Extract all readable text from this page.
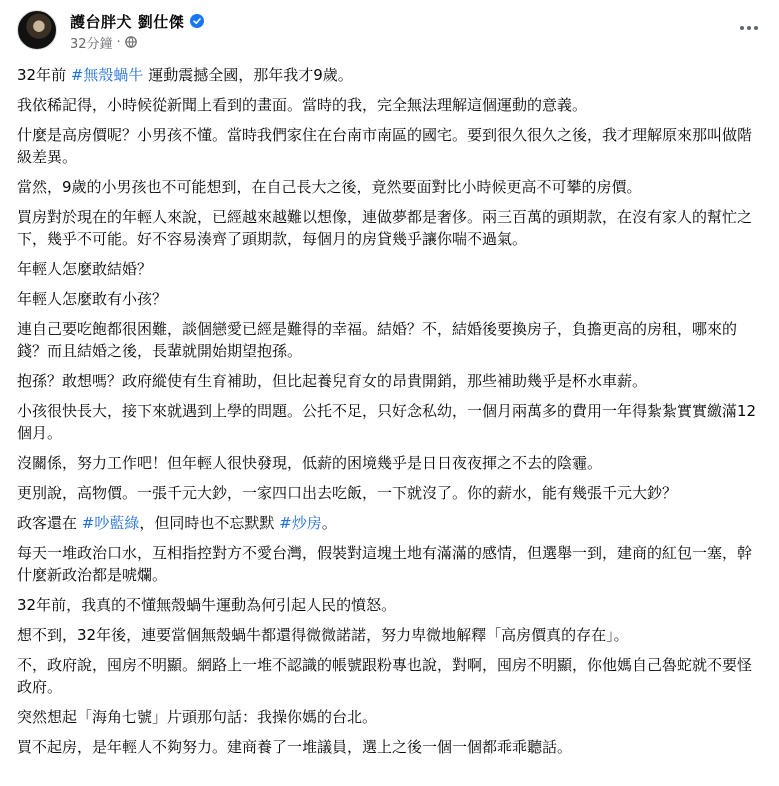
護台胖犬 劉仕傑
32分鐘 ·
32年前 #無殼蝸牛 運動震撼全國，那年我才9歲。
我依稀記得，小時候從新聞上看到的畫面。當時的我，完全無法理解這個運動的意義。
什麼是高房價呢？小男孩不懂。當時我們家住在台南市南區的國宅。要到很久很久之後，我才理解原來那叫做階級差異。
當然，9歲的小男孩也不可能想到，在自己長大之後，竟然要面對比小時候更高不可攀的房價。
買房對於現在的年輕人來說，已經越來越難以想像，連做夢都是奢侈。兩三百萬的頭期款，在沒有家人的幫忙之下，幾乎不可能。好不容易湊齊了頭期款，每個月的房貸幾乎讓你喘不過氣。
年輕人怎麼敢結婚？
年輕人怎麼敢有小孩？
連自己要吃飽都很困難，談個戀愛已經是難得的幸福。結婚？不，結婚後要換房子，負擔更高的房租，哪來的錢？而且結婚之後，長輩就開始期望抱孫。
抱孫？敢想嗎？政府縱使有生育補助，但比起養兒育女的昂貴開銷，那些補助幾乎是杯水車薪。
小孩很快長大，接下來就遇到上學的問題。公托不足，只好念私幼，一個月兩萬多的費用一年得紮紮實實繳滿12個月。
沒關係，努力工作吧！但年輕人很快發現，低薪的困境幾乎是日日夜夜揮之不去的陰霾。
更別說，高物價。一張千元大鈔，一家四口出去吃飯，一下就沒了。你的薪水，能有幾張千元大鈔？
政客還在 #吵藍綠，但同時也不忘默默 #炒房。
每天一堆政治口水，互相指控對方不愛台灣，假裝對這塊土地有滿滿的感情，但選舉一到，建商的紅包一塞，幹什麼新政治都是唬爛。
32年前，我真的不懂無殼蝸牛運動為何引起人民的憤怒。
想不到，32年後，連要當個無殼蝸牛都還得微微諾諾，努力卑微地解釋「高房價真的存在」。
不，政府說，囤房不明顯。網路上一堆不認識的帳號跟粉專也說，對啊，囤房不明顯，你他媽自己魯蛇就不要怪政府。
突然想起「海角七號」片頭那句話：我操你媽的台北。
買不起房，是年輕人不夠努力。建商養了一堆議員，選上之後一個一個都乖乖聽話。
